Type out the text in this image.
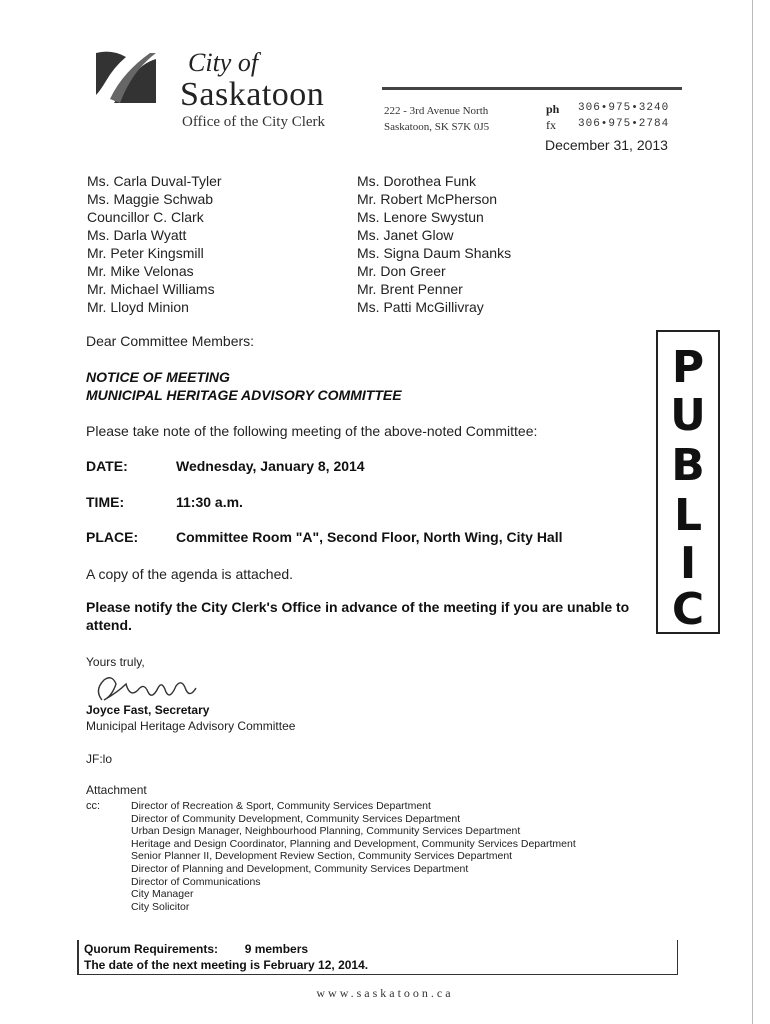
City of
Saskatoon
Office of the City Clerk
222 - 3rd Avenue North
Saskatoon, SK S7K 0J5
ph 306•975•3240
fx 306•975•2784
December 31, 2013
Ms. Carla Duval-Tyler
Ms. Maggie Schwab
Councillor C. Clark
Ms. Darla Wyatt
Mr. Peter Kingsmill
Mr. Mike Velonas
Mr. Michael Williams
Mr. Lloyd Minion
Ms. Dorothea Funk
Mr. Robert McPherson
Ms. Lenore Swystun
Ms. Janet Glow
Ms. Signa Daum Shanks
Mr. Don Greer
Mr. Brent Penner
Ms. Patti McGillivray
Dear Committee Members:
NOTICE OF MEETING
MUNICIPAL HERITAGE ADVISORY COMMITTEE
Please take note of the following meeting of the above-noted Committee:
DATE:	Wednesday, January 8, 2014
TIME:	11:30 a.m.
PLACE:	Committee Room "A", Second Floor, North Wing, City Hall
A copy of the agenda is attached.
Please notify the City Clerk's Office in advance of the meeting if you are unable to attend.
P
U
B
L
I
C
Yours truly,
Joyce Fast, Secretary
Municipal Heritage Advisory Committee
JF:lo
Attachment
cc:	Director of Recreation & Sport, Community Services Department
Director of Community Development, Community Services Department
Urban Design Manager, Neighbourhood Planning, Community Services Department
Heritage and Design Coordinator, Planning and Development, Community Services Department
Senior Planner II, Development Review Section, Community Services Department
Director of Planning and Development, Community Services Department
Director of Communications
City Manager
City Solicitor
Quorum Requirements: 9 members
The date of the next meeting is February 12, 2014.
www.saskatoon.ca
